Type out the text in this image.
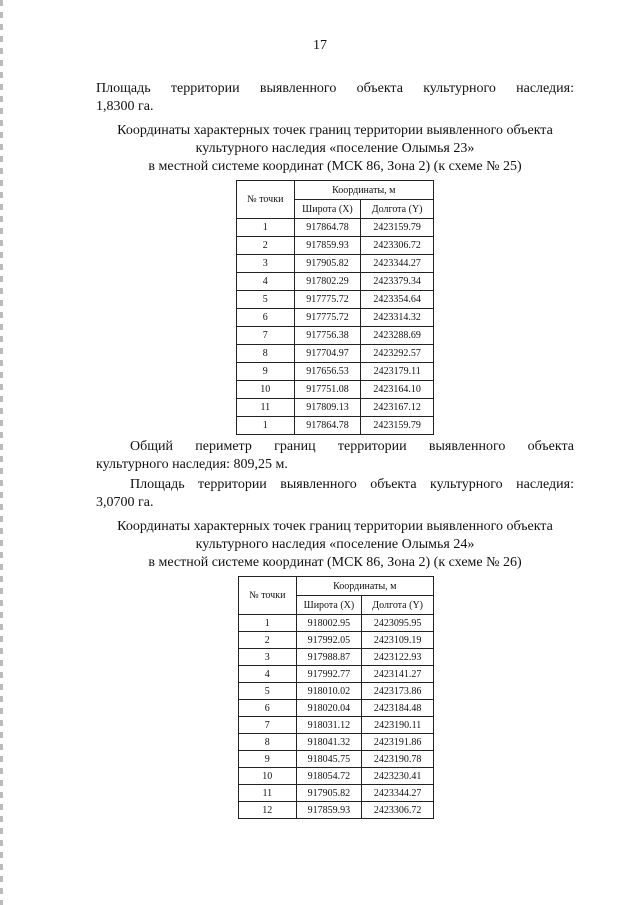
17

Площадь территории выявленного объекта культурного наследия:

1,8300 га.

Координаты характерных точек границ территории выявленного объекта
культурного наследия «поселение Олымья 23»
в местной системе координат (МСК 86, Зона 2) (к схеме № 25)
№ точки	Координаты, м	
	Широта (X)	Долгота (Y)
1	917864.78	2423159.79
2	917859.93	2423306.72
3	917905.82	2423344.27
4	917802.29	2423379.34
5	917775.72	2423354.64
6	917775.72	2423314.32
7	917756.38	2423288.69
8	917704.97	2423292.57
9	917656.53	2423179.11
10	917751.08	2423164.10
11	917809.13	2423167.12
1	917864.78	2423159.79

Общий периметр границ территории выявленного объекта

культурного наследия: 809,25 м.

Площадь территории выявленного объекта культурного наследия:

3,0700 га.

Координаты характерных точек границ территории выявленного объекта
культурного наследия «поселение Олымья 24»
в местной системе координат (МСК 86, Зона 2) (к схеме № 26)
№ точки	Координаты, м	
	Широта (X)	Долгота (Y)
1	918002.95	2423095.95
2	917992.05	2423109.19
3	917988.87	2423122.93
4	917992.77	2423141.27
5	918010.02	2423173.86
6	918020.04	2423184.48
7	918031.12	2423190.11
8	918041.32	2423191.86
9	918045.75	2423190.78
10	918054.72	2423230.41
11	917905.82	2423344.27
12	917859.93	2423306.72
